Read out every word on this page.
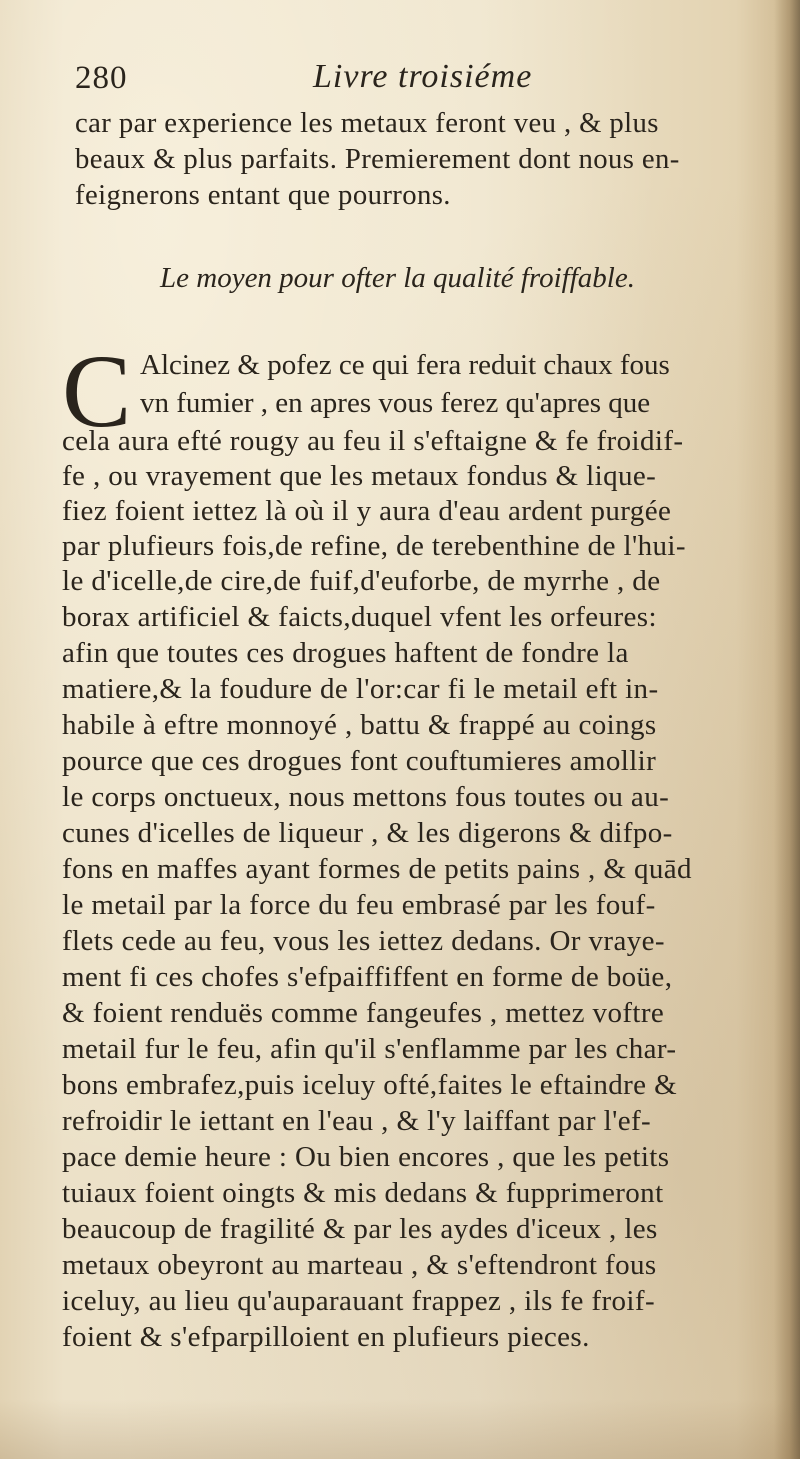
280	Livre troisiéme
car par experience les metaux feront veu , & plus
beaux & plus parfaits. Premierement dont nous en-
feignerons entant que pourrons.
Le moyen pour ofter la qualité froiffable.
C Alcinez & pofez ce qui fera reduit chaux fous
vn fumier , en apres vous ferez qu'apres que
cela aura efté rougy au feu il s'eftaigne & fe froidif-
fe , ou vrayement que les metaux fondus & lique-
fiez foient iettez là où il y aura d'eau ardent purgée
par plufieurs fois,de refine, de terebenthine de l'hui-
le d'icelle,de cire,de fuif,d'euforbe, de myrrhe , de
borax artificiel & faicts,duquel vfent les orfeures:
afin que toutes ces drogues haftent de fondre la
matiere,& la foudure de l'or:car fi le metail eft in-
habile à eftre monnoyé , battu & frappé au coings
pource que ces drogues font couftumieres amollir
le corps onctueux, nous mettons fous toutes ou au-
cunes d'icelles de liqueur , & les digerons & difpo-
fons en maffes ayant formes de petits pains , & quād
le metail par la force du feu embrasé par les fouf-
flets cede au feu, vous les iettez dedans. Or vraye-
ment fi ces chofes s'efpaiffiffent en forme de boüe,
& foient renduës comme fangeufes , mettez voftre
metail fur le feu, afin qu'il s'enflamme par les char-
bons embrafez,puis iceluy ofté,faites le eftaindre &
refroidir le iettant en l'eau , & l'y laiffant par l'ef-
pace demie heure : Ou bien encores , que les petits
tuiaux foient oingts & mis dedans & fupprimeront
beaucoup de fragilité & par les aydes d'iceux , les
metaux obeyront au marteau , & s'eftendront fous
iceluy, au lieu qu'auparauant frappez , ils fe froif-
foient & s'efparpilloient en plufieurs pieces.
